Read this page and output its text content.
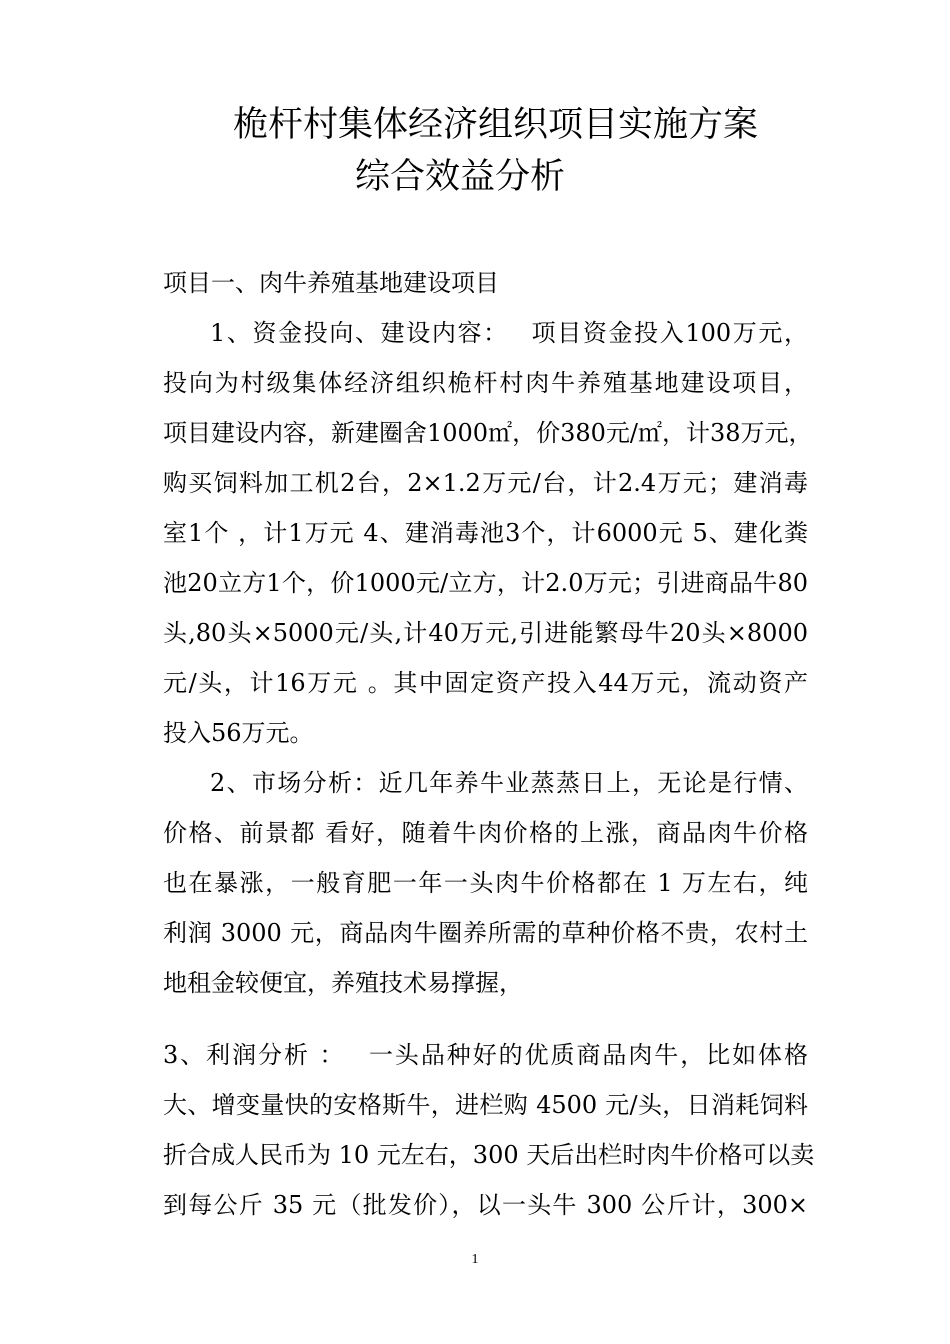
桅杆村集体经济组织项目实施方案
综合效益分析
项目一、肉牛养殖基地建设项目
1、资金投向、建设内容：　 项目资金投入100万元，
投向为村级集体经济组织桅杆村肉牛养殖基地建设项目，
项目建设内容，新建圈舍1000㎡，价380元/㎡，计38万元，
购买饲料加工机2台，2×1.2万元/台，计2.4万元；建消毒
室1个 ，计1万元 4、建消毒池3个，计6000元 5、建化粪
池20立方1个，价1000元/立方，计2.0万元；引进商品牛80
头,80头×5000元/头,计40万元,引进能繁母牛20头×8000
元/头，计16万元 。其中固定资产投入44万元，流动资产
投入56万元。
2、市场分析：近几年养牛业蒸蒸日上，无论是行情、
价格、前景都 看好，随着牛肉价格的上涨，商品肉牛价格
也在暴涨，一般育肥一年一头肉牛价格都在 1 万左右，纯
利润 3000 元，商品肉牛圈养所需的草种价格不贵，农村土
地租金较便宜，养殖技术易撑握，
3、利润分析 ：　 一头品种好的优质商品肉牛，比如体格
大、增变量快的安格斯牛，进栏购 4500 元/头，日消耗饲料
折合成人民币为 10 元左右，300 天后出栏时肉牛价格可以卖
到每公斤 35 元（批发价），以一头牛 300 公斤计，300×
1
